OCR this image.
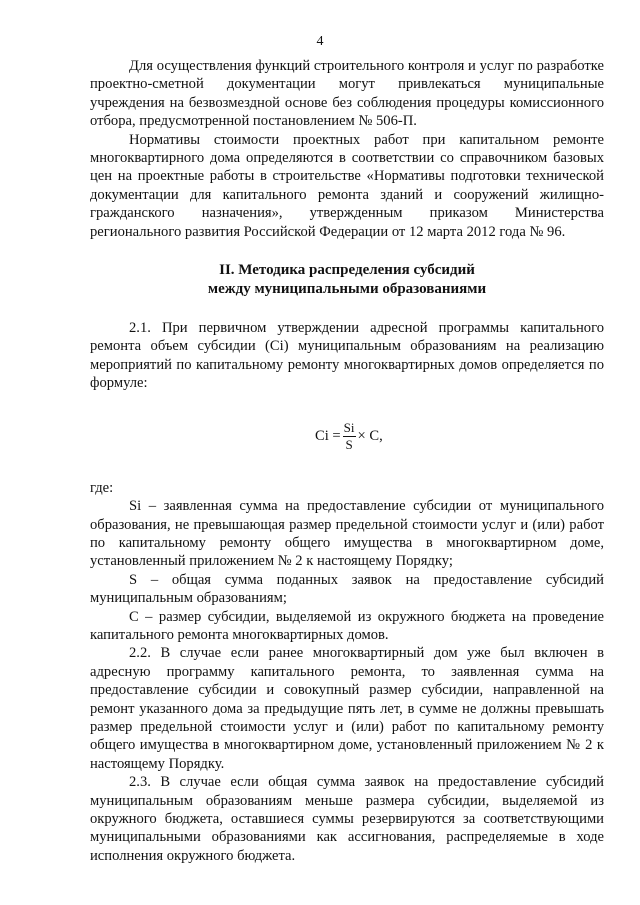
4

Для осуществления функций строительного контроля и услуг по разработке проектно-сметной документации могут привлекаться муниципальные учреждения на безвозмездной основе без соблюдения процедуры комиссионного отбора, предусмотренной постановлением № 506-П.

Нормативы стоимости проектных работ при капитальном ремонте многоквартирного дома определяются в соответствии со справочником базовых цен на проектные работы в строительстве «Нормативы подготовки технической документации для капитального ремонта зданий и сооружений жилищно-гражданского назначения», утвержденным приказом Министерства регионального развития Российской Федерации от 12 марта 2012 года № 96.

II. Методика распределения субсидий
между муниципальными образованиями

2.1. При первичном утверждении адресной программы капитального ремонта объем субсидии (Ci) муниципальным образованиям на реализацию мероприятий по капитальному ремонту многоквартирных домов определяется по формуле:

$Ci = \frac{Si}{S} \times C$,

где:

Si – заявленная сумма на предоставление субсидии от муниципального образования, не превышающая размер предельной стоимости услуг и (или) работ по капитальному ремонту общего имущества в многоквартирном доме, установленный приложением № 2 к настоящему Порядку;

S – общая сумма поданных заявок на предоставление субсидий муниципальным образованиям;

C – размер субсидии, выделяемой из окружного бюджета на проведение капитального ремонта многоквартирных домов.

2.2. В случае если ранее многоквартирный дом уже был включен в адресную программу капитального ремонта, то заявленная сумма на предоставление субсидии и совокупный размер субсидии, направленной на ремонт указанного дома за предыдущие пять лет, в сумме не должны превышать размер предельной стоимости услуг и (или) работ по капитальному ремонту общего имущества в многоквартирном доме, установленный приложением № 2 к настоящему Порядку.

2.3. В случае если общая сумма заявок на предоставление субсидий муниципальным образованиям меньше размера субсидии, выделяемой из окружного бюджета, оставшиеся суммы резервируются за соответствующими муниципальными образованиями как ассигнования, распределяемые в ходе исполнения окружного бюджета.
